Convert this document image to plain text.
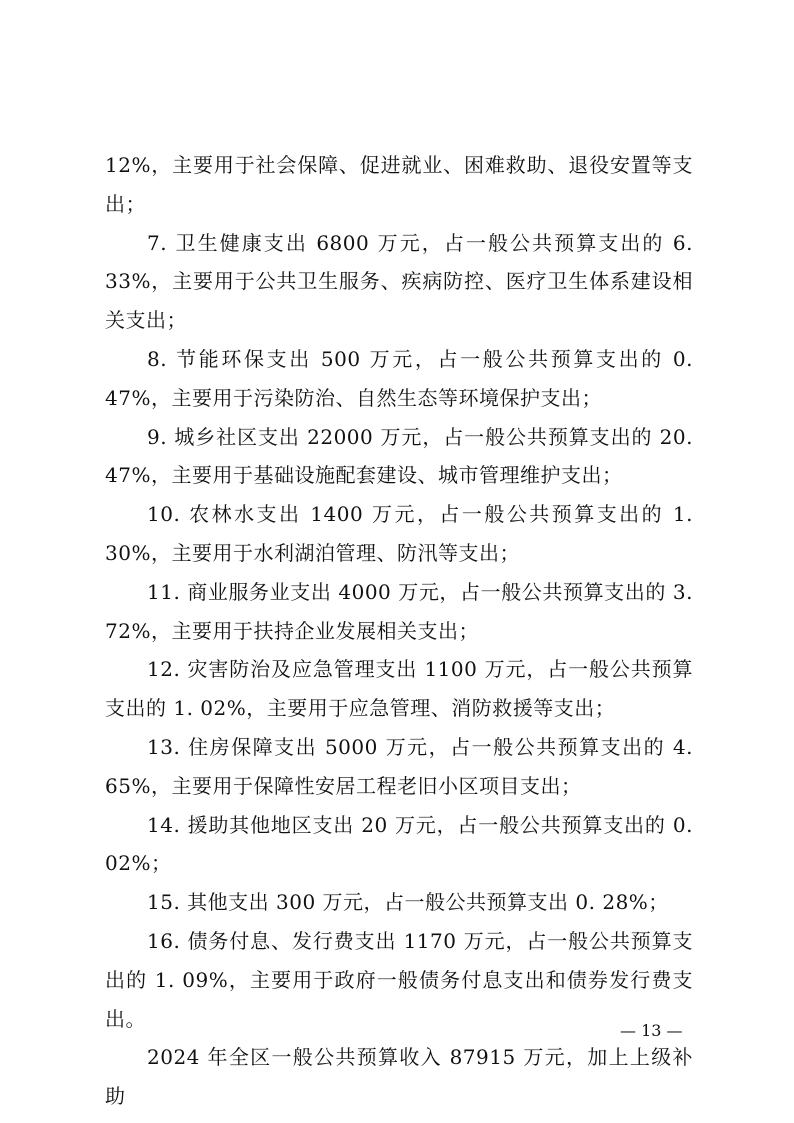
12%，主要用于社会保障、促进就业、困难救助、退役安置等支出；

7. 卫生健康支出 6800 万元，占一般公共预算支出的 6. 33%，主要用于公共卫生服务、疾病防控、医疗卫生体系建设相关支出；

8. 节能环保支出 500 万元，占一般公共预算支出的 0. 47%，主要用于污染防治、自然生态等环境保护支出；

9. 城乡社区支出 22000 万元，占一般公共预算支出的 20. 47%，主要用于基础设施配套建设、城市管理维护支出；

10. 农林水支出 1400 万元，占一般公共预算支出的 1. 30%，主要用于水利湖泊管理、防汛等支出；

11. 商业服务业支出 4000 万元，占一般公共预算支出的 3. 72%，主要用于扶持企业发展相关支出；

12. 灾害防治及应急管理支出 1100 万元，占一般公共预算支出的 1. 02%，主要用于应急管理、消防救援等支出；

13. 住房保障支出 5000 万元，占一般公共预算支出的 4. 65%，主要用于保障性安居工程老旧小区项目支出；

14. 援助其他地区支出 20 万元，占一般公共预算支出的 0. 02%；

15. 其他支出 300 万元，占一般公共预算支出 0. 28%；

16. 债务付息、发行费支出 1170 万元，占一般公共预算支出的 1. 09%，主要用于政府一般债务付息支出和债券发行费支出。

2024 年全区一般公共预算收入 87915 万元，加上上级补助

— 13 —
